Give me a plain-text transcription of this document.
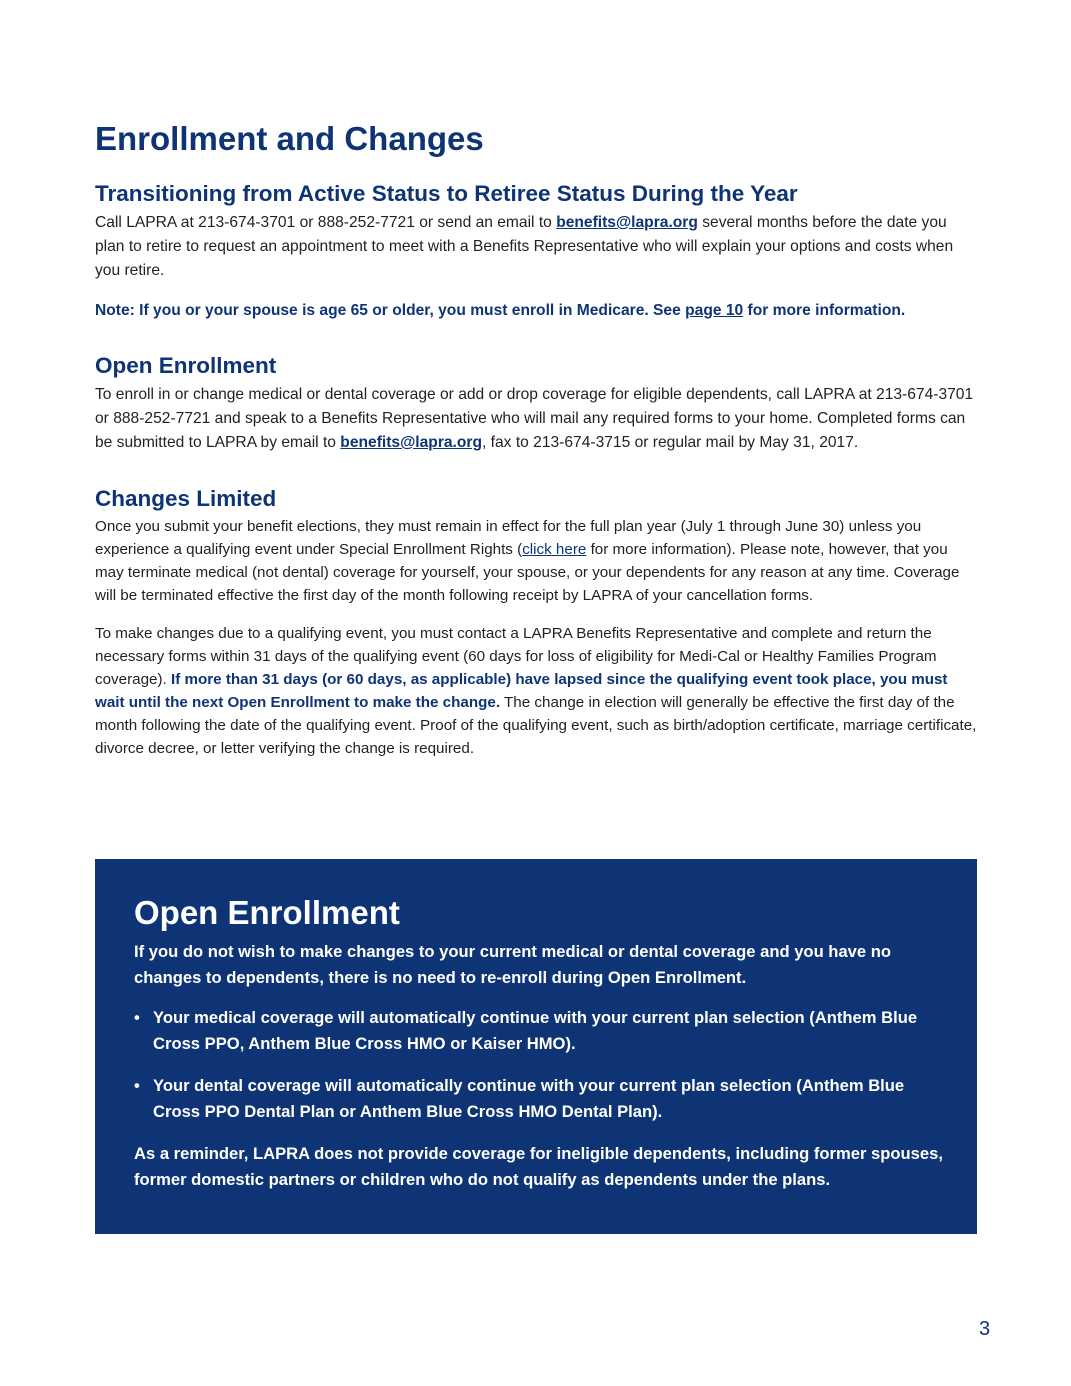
Enrollment and Changes
Transitioning from Active Status to Retiree Status During the Year

Call LAPRA at 213-674-3701 or 888-252-7721 or send an email to benefits@lapra.org several months before the date you plan to retire to request an appointment to meet with a Benefits Representative who will explain your options and costs when you retire.

Note: If you or your spouse is age 65 or older, you must enroll in Medicare. See page 10 for more information.

Open Enrollment

To enroll in or change medical or dental coverage or add or drop coverage for eligible dependents, call LAPRA at 213-674-3701 or 888-252-7721 and speak to a Benefits Representative who will mail any required forms to your home. Completed forms can be submitted to LAPRA by email to benefits@lapra.org, fax to 213-674-3715 or regular mail by May 31, 2017.

Changes Limited

Once you submit your benefit elections, they must remain in effect for the full plan year (July 1 through June 30) unless you experience a qualifying event under Special Enrollment Rights (click here for more information). Please note, however, that you may terminate medical (not dental) coverage for yourself, your spouse, or your dependents for any reason at any time. Coverage will be terminated effective the first day of the month following receipt by LAPRA of your cancellation forms.

To make changes due to a qualifying event, you must contact a LAPRA Benefits Representative and complete and return the necessary forms within 31 days of the qualifying event (60 days for loss of eligibility for Medi-Cal or Healthy Families Program coverage). If more than 31 days (or 60 days, as applicable) have lapsed since the qualifying event took place, you must wait until the next Open Enrollment to make the change. The change in election will generally be effective the first day of the month following the date of the qualifying event. Proof of the qualifying event, such as birth/adoption certificate, marriage certificate, divorce decree, or letter verifying the change is required.

Open Enrollment

If you do not wish to make changes to your current medical or dental coverage and you have no changes to dependents, there is no need to re-enroll during Open Enrollment.

• Your medical coverage will automatically continue with your current plan selection (Anthem Blue Cross PPO, Anthem Blue Cross HMO or Kaiser HMO).
• Your dental coverage will automatically continue with your current plan selection (Anthem Blue Cross PPO Dental Plan or Anthem Blue Cross HMO Dental Plan).

As a reminder, LAPRA does not provide coverage for ineligible dependents, including former spouses, former domestic partners or children who do not qualify as dependents under the plans.

3
